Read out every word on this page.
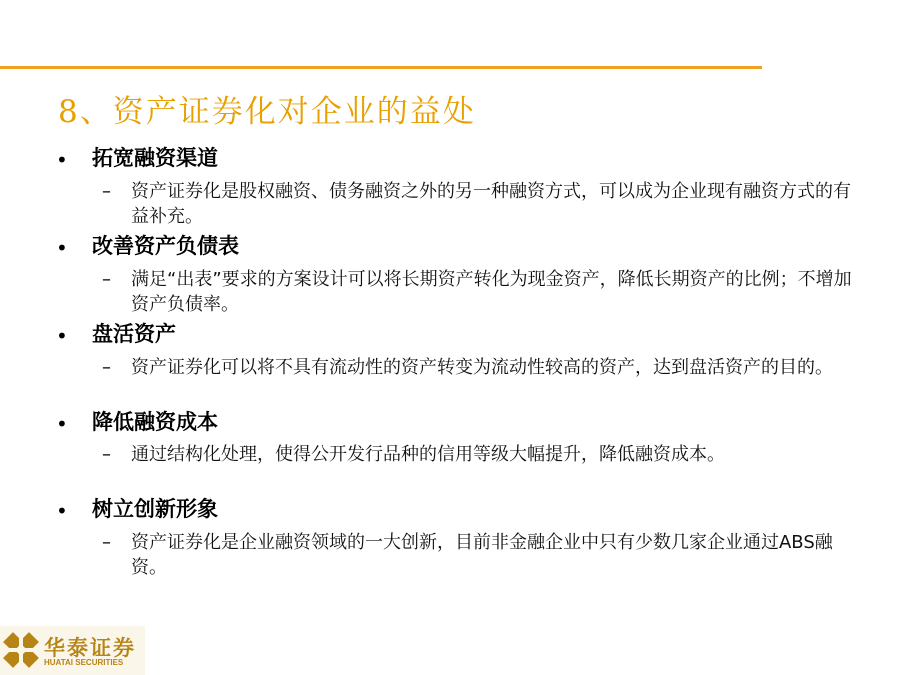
8、资产证券化对企业的益处
• 拓宽融资渠道
– 资产证券化是股权融资、债务融资之外的另一种融资方式，可以成为企业现有融资方式的有益补充。
• 改善资产负债表
– 满足“出表”要求的方案设计可以将长期资产转化为现金资产，降低长期资产的比例；不增加资产负债率。
• 盘活资产
– 资产证券化可以将不具有流动性的资产转变为流动性较高的资产，达到盘活资产的目的。
• 降低融资成本
– 通过结构化处理，使得公开发行品种的信用等级大幅提升，降低融资成本。
• 树立创新形象
– 资产证券化是企业融资领域的一大创新，目前非金融企业中只有少数几家企业通过ABS融资。
华泰证券
HUATAI SECURITIES
